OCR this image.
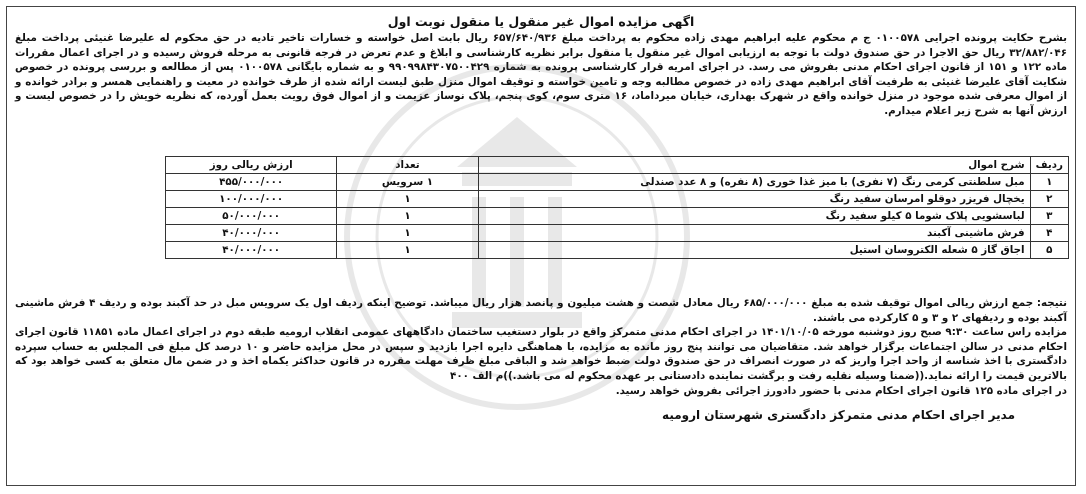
اگهی مزایده اموال غیر منقول یا منقول نوبت اول
بشرح حکایت پرونده اجرایی ۰۱۰۰۵۷۸ ج م محکوم علیه ابراهیم مهدی زاده محکوم به پرداخت مبلغ ۶۵۷/۶۴۰/۹۳۶ ریال بابت اصل خواسته و خسارات تاخیر تادیه در حق محکوم له علیرضا غنیئی پرداخت مبلغ ۳۲/۸۸۲/۰۴۶ ریال حق الاجرا در حق صندوق دولت با توجه به ارزیابی اموال غیر منقول یا منقول برابر نظریه کارشناسی و ابلاغ و عدم تعرض در فرجه قانونی به مرحله فروش رسیده و در اجرای اعمال مقررات ماده ۱۲۲ و ۱۵۱ از قانون اجرای احکام مدنی بفروش می رسد. در اجرای امریه قرار کارشناسی پرونده به شماره ۹۹۰۹۹۸۴۳۰۷۵۰۰۴۲۹ و به شماره بایگانی ۰۱۰۰۵۷۸ پس از مطالعه و بررسی پرونده در خصوص شکایت آقای علیرضا غنیئی به طرفیت آقای ابراهیم مهدی زاده در خصوص مطالبه وجه و تامین خواسته و توقیف اموال منزل طبق لیست ارائه شده از طرف خوانده در معیت و راهنمایی همسر و برادر خوانده و از اموال معرفی شده موجود در منزل خوانده واقع در شهرک بهداری، خیابان میرداماد، ۱۶ متری سوم، کوی پنجم، پلاک نوساز عزیمت و از اموال فوق رویت بعمل آورده، که نظریه خویش را در خصوص لیست و ارزش آنها به شرح زیر اعلام میدارم.
ردیف	شرح اموال	تعداد	ارزش ریالی روز
۱	مبل سلطنتی کرمی رنگ (۷ نفری) با میز غذا خوری (۸ نفره) و ۸ عدد صندلی	۱ سرویس	۴۵۵/۰۰۰/۰۰۰
۲	یخچال فریزر دوقلو امرسان سفید رنگ	۱	۱۰۰/۰۰۰/۰۰۰
۳	لباسشویی پلاک شوما ۵ کیلو سفید رنگ	۱	۵۰/۰۰۰/۰۰۰
۴	فرش ماشینی آکبند	۱	۴۰/۰۰۰/۰۰۰
۵	اجاق گاز ۵ شعله الکتروسان استیل	۱	۴۰/۰۰۰/۰۰۰
نتیجه: جمع ارزش ریالی اموال توقیف شده به مبلغ ۶۸۵/۰۰۰/۰۰۰ ریال معادل شصت و هشت میلیون و پانصد هزار ریال میباشد. توضیح اینکه ردیف اول یک سرویس مبل در حد آکبند بوده و ردیف ۴ فرش ماشینی آکبند بوده و ردیفهای ۲ و ۳ و ۵ کارکرده می باشند.
مزایده راس ساعت ۹:۳۰ صبح روز دوشنبه مورخه ۱۴۰۱/۱۰/۰۵ در اجرای احکام مدنی متمرکز واقع در بلوار دستغیب ساختمان دادگاههای عمومی انقلاب ارومیه طبقه دوم در اجرای اعمال ماده ۱۱۸۵۱ قانون اجرای احکام مدنی در سالن اجتماعات برگزار خواهد شد. متقاضیان می توانند پنج روز مانده به مزایده، با هماهنگی دایره اجرا بازدید و سپس در محل مزایده حاضر و ۱۰ درصد کل مبلغ فی المجلس به حساب سپرده دادگستری با اخذ شناسه از واحد اجرا واریز که در صورت انصراف در حق صندوق دولت ضبط خواهد شد و الباقی مبلغ ظرف مهلت مقرره در قانون حداکثر یکماه اخذ و در ضمن مال متعلق به کسی خواهد بود که بالاترین قیمت را ارائه نماید.((ضمنا وسیله نقلیه رفت و برگشت نماینده دادستانی بر عهده محکوم له می باشد.))م الف ۴۰۰
در اجرای ماده ۱۲۵ قانون اجرای احکام مدنی با حضور دادورز اجرائی بفروش خواهد رسید.
مدیر اجرای احکام مدنی متمرکز دادگستری شهرستان ارومیه
